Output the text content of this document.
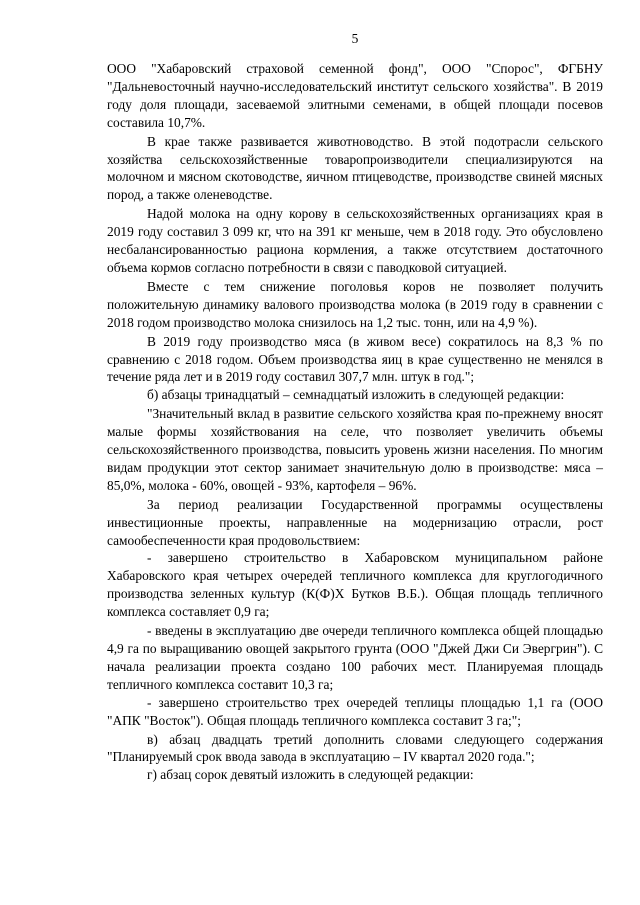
5

ООО "Хабаровский страховой семенной фонд", ООО "Спорос", ФГБНУ "Дальневосточный научно-исследовательский институт сельского хозяйства". В 2019 году доля площади, засеваемой элитными семенами, в общей площади посевов составила 10,7%.

В крае также развивается животноводство. В этой подотрасли сельского хозяйства сельскохозяйственные товаропроизводители специализируются на молочном и мясном скотоводстве, яичном птицеводстве, производстве свиней мясных пород, а также оленеводстве.

Надой молока на одну корову в сельскохозяйственных организациях края в 2019 году составил 3 099 кг, что на 391 кг меньше, чем в 2018 году. Это обусловлено несбалансированностью рациона кормления, а также отсутствием достаточного объема кормов согласно потребности в связи с паводковой ситуацией.

Вместе с тем снижение поголовья коров не позволяет получить положительную динамику валового производства молока (в 2019 году в сравнении с 2018 годом производство молока снизилось на 1,2 тыс. тонн, или на 4,9 %).

В 2019 году производство мяса (в живом весе) сократилось на 8,3 % по сравнению с 2018 годом. Объем производства яиц в крае существенно не менялся в течение ряда лет и в 2019 году составил 307,7 млн. штук в год.";

б) абзацы тринадцатый – семнадцатый изложить в следующей редакции:

"Значительный вклад в развитие сельского хозяйства края по-прежнему вносят малые формы хозяйствования на селе, что позволяет увеличить объемы сельскохозяйственного производства, повысить уровень жизни населения. По многим видам продукции этот сектор занимает значительную долю в производстве: мяса – 85,0%, молока - 60%, овощей - 93%, картофеля – 96%.

За период реализации Государственной программы осуществлены инвестиционные проекты, направленные на модернизацию отрасли, рост самообеспеченности края продовольствием:

- завершено строительство в Хабаровском муниципальном районе Хабаровского края четырех очередей тепличного комплекса для круглогодичного производства зеленных культур (К(Ф)Х Бутков В.Б.). Общая площадь тепличного комплекса составляет 0,9 га;

- введены в эксплуатацию две очереди тепличного комплекса общей площадью 4,9 га по выращиванию овощей закрытого грунта (ООО "Джей Джи Си Эвергрин"). С начала реализации проекта создано 100 рабочих мест. Планируемая площадь тепличного комплекса составит 10,3 га;

- завершено строительство трех очередей теплицы площадью 1,1 га (ООО "АПК "Восток"). Общая площадь тепличного комплекса составит 3 га;";

в) абзац двадцать третий дополнить словами следующего содержания "Планируемый срок ввода завода в эксплуатацию – IV квартал 2020 года.";

г) абзац сорок девятый изложить в следующей редакции:
